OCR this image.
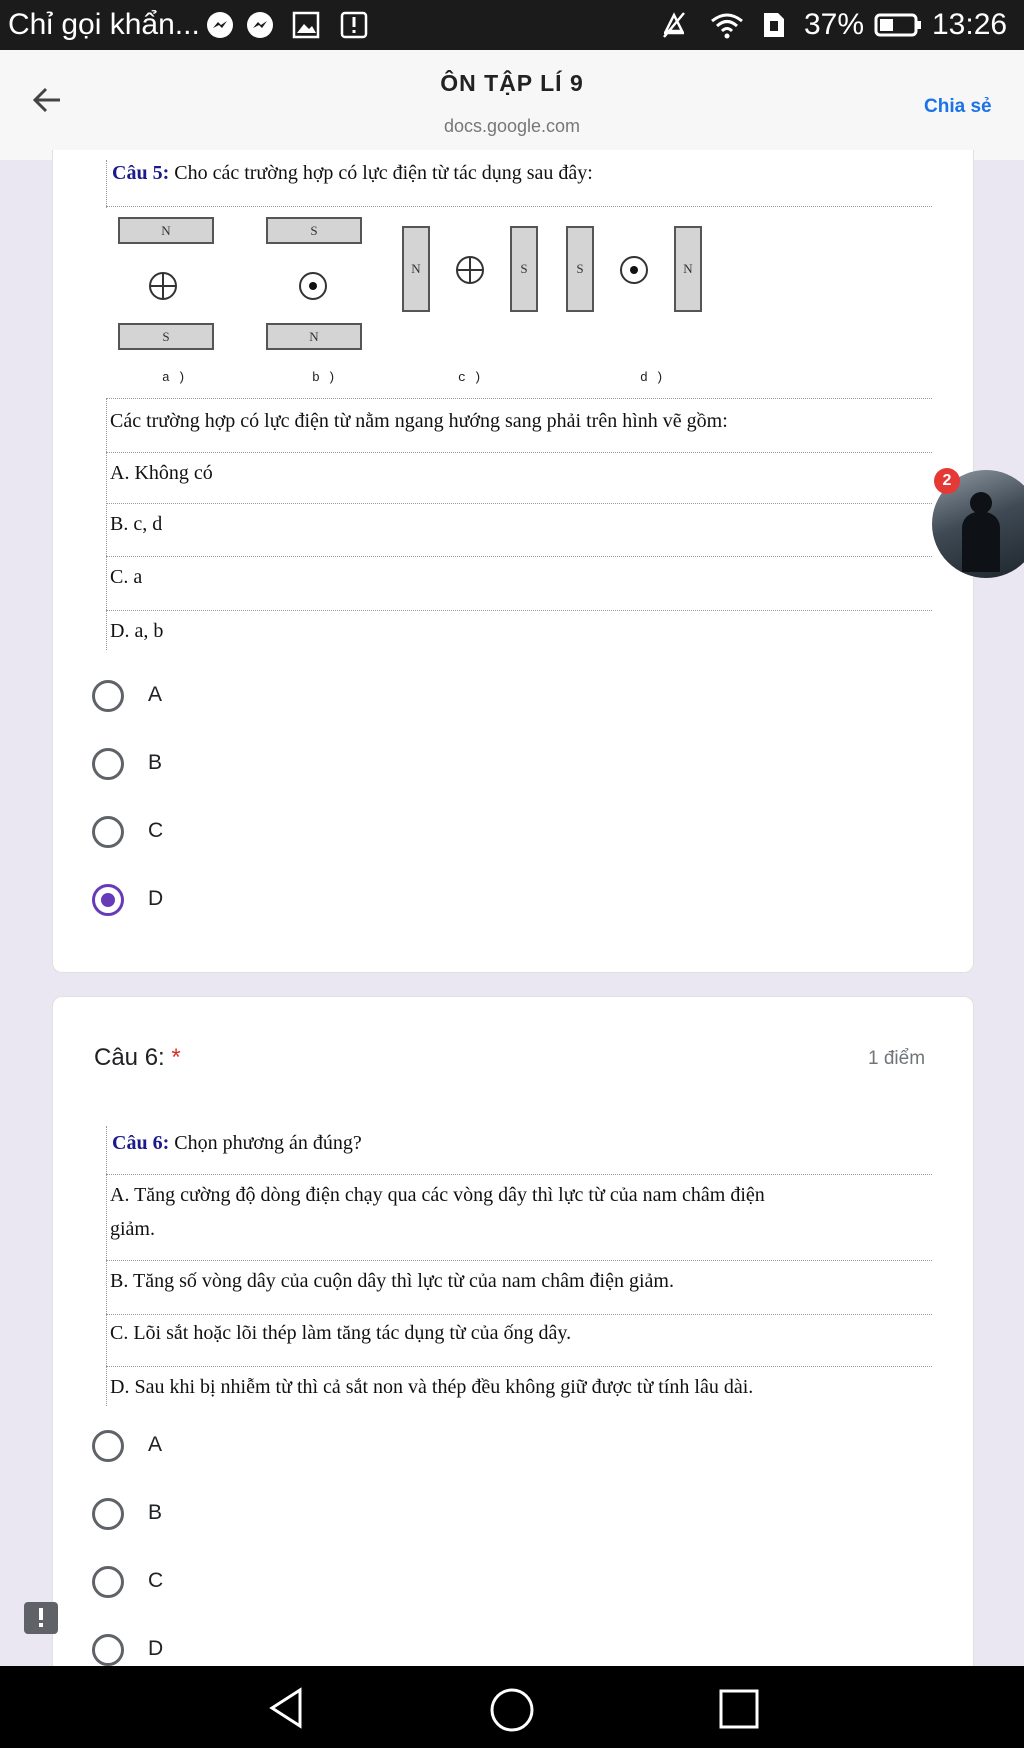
Chỉ gọi khẩn...	37% 13:26
ÔN TẬP LÍ 9
docs.google.com
Chia sẻ
Câu 5: Cho các trường hợp có lực điện từ tác dụng sau đây:
N
S
S
N
N	S	S	N
a )	b )	c )	d )
Các trường hợp có lực điện từ nằm ngang hướng sang phải trên hình vẽ gồm:
A. Không có
B. c, d
C. a
D. a, b
A
B
C
D
2
Câu 6: *	1 điểm
Câu 6: Chọn phương án đúng?
A. Tăng cường độ dòng điện chạy qua các vòng dây thì lực từ của nam châm điện
giảm.
B. Tăng số vòng dây của cuộn dây thì lực từ của nam châm điện giảm.
C. Lõi sắt hoặc lõi thép làm tăng tác dụng từ của ống dây.
D. Sau khi bị nhiễm từ thì cả sắt non và thép đều không giữ được từ tính lâu dài.
A
B
C
D
